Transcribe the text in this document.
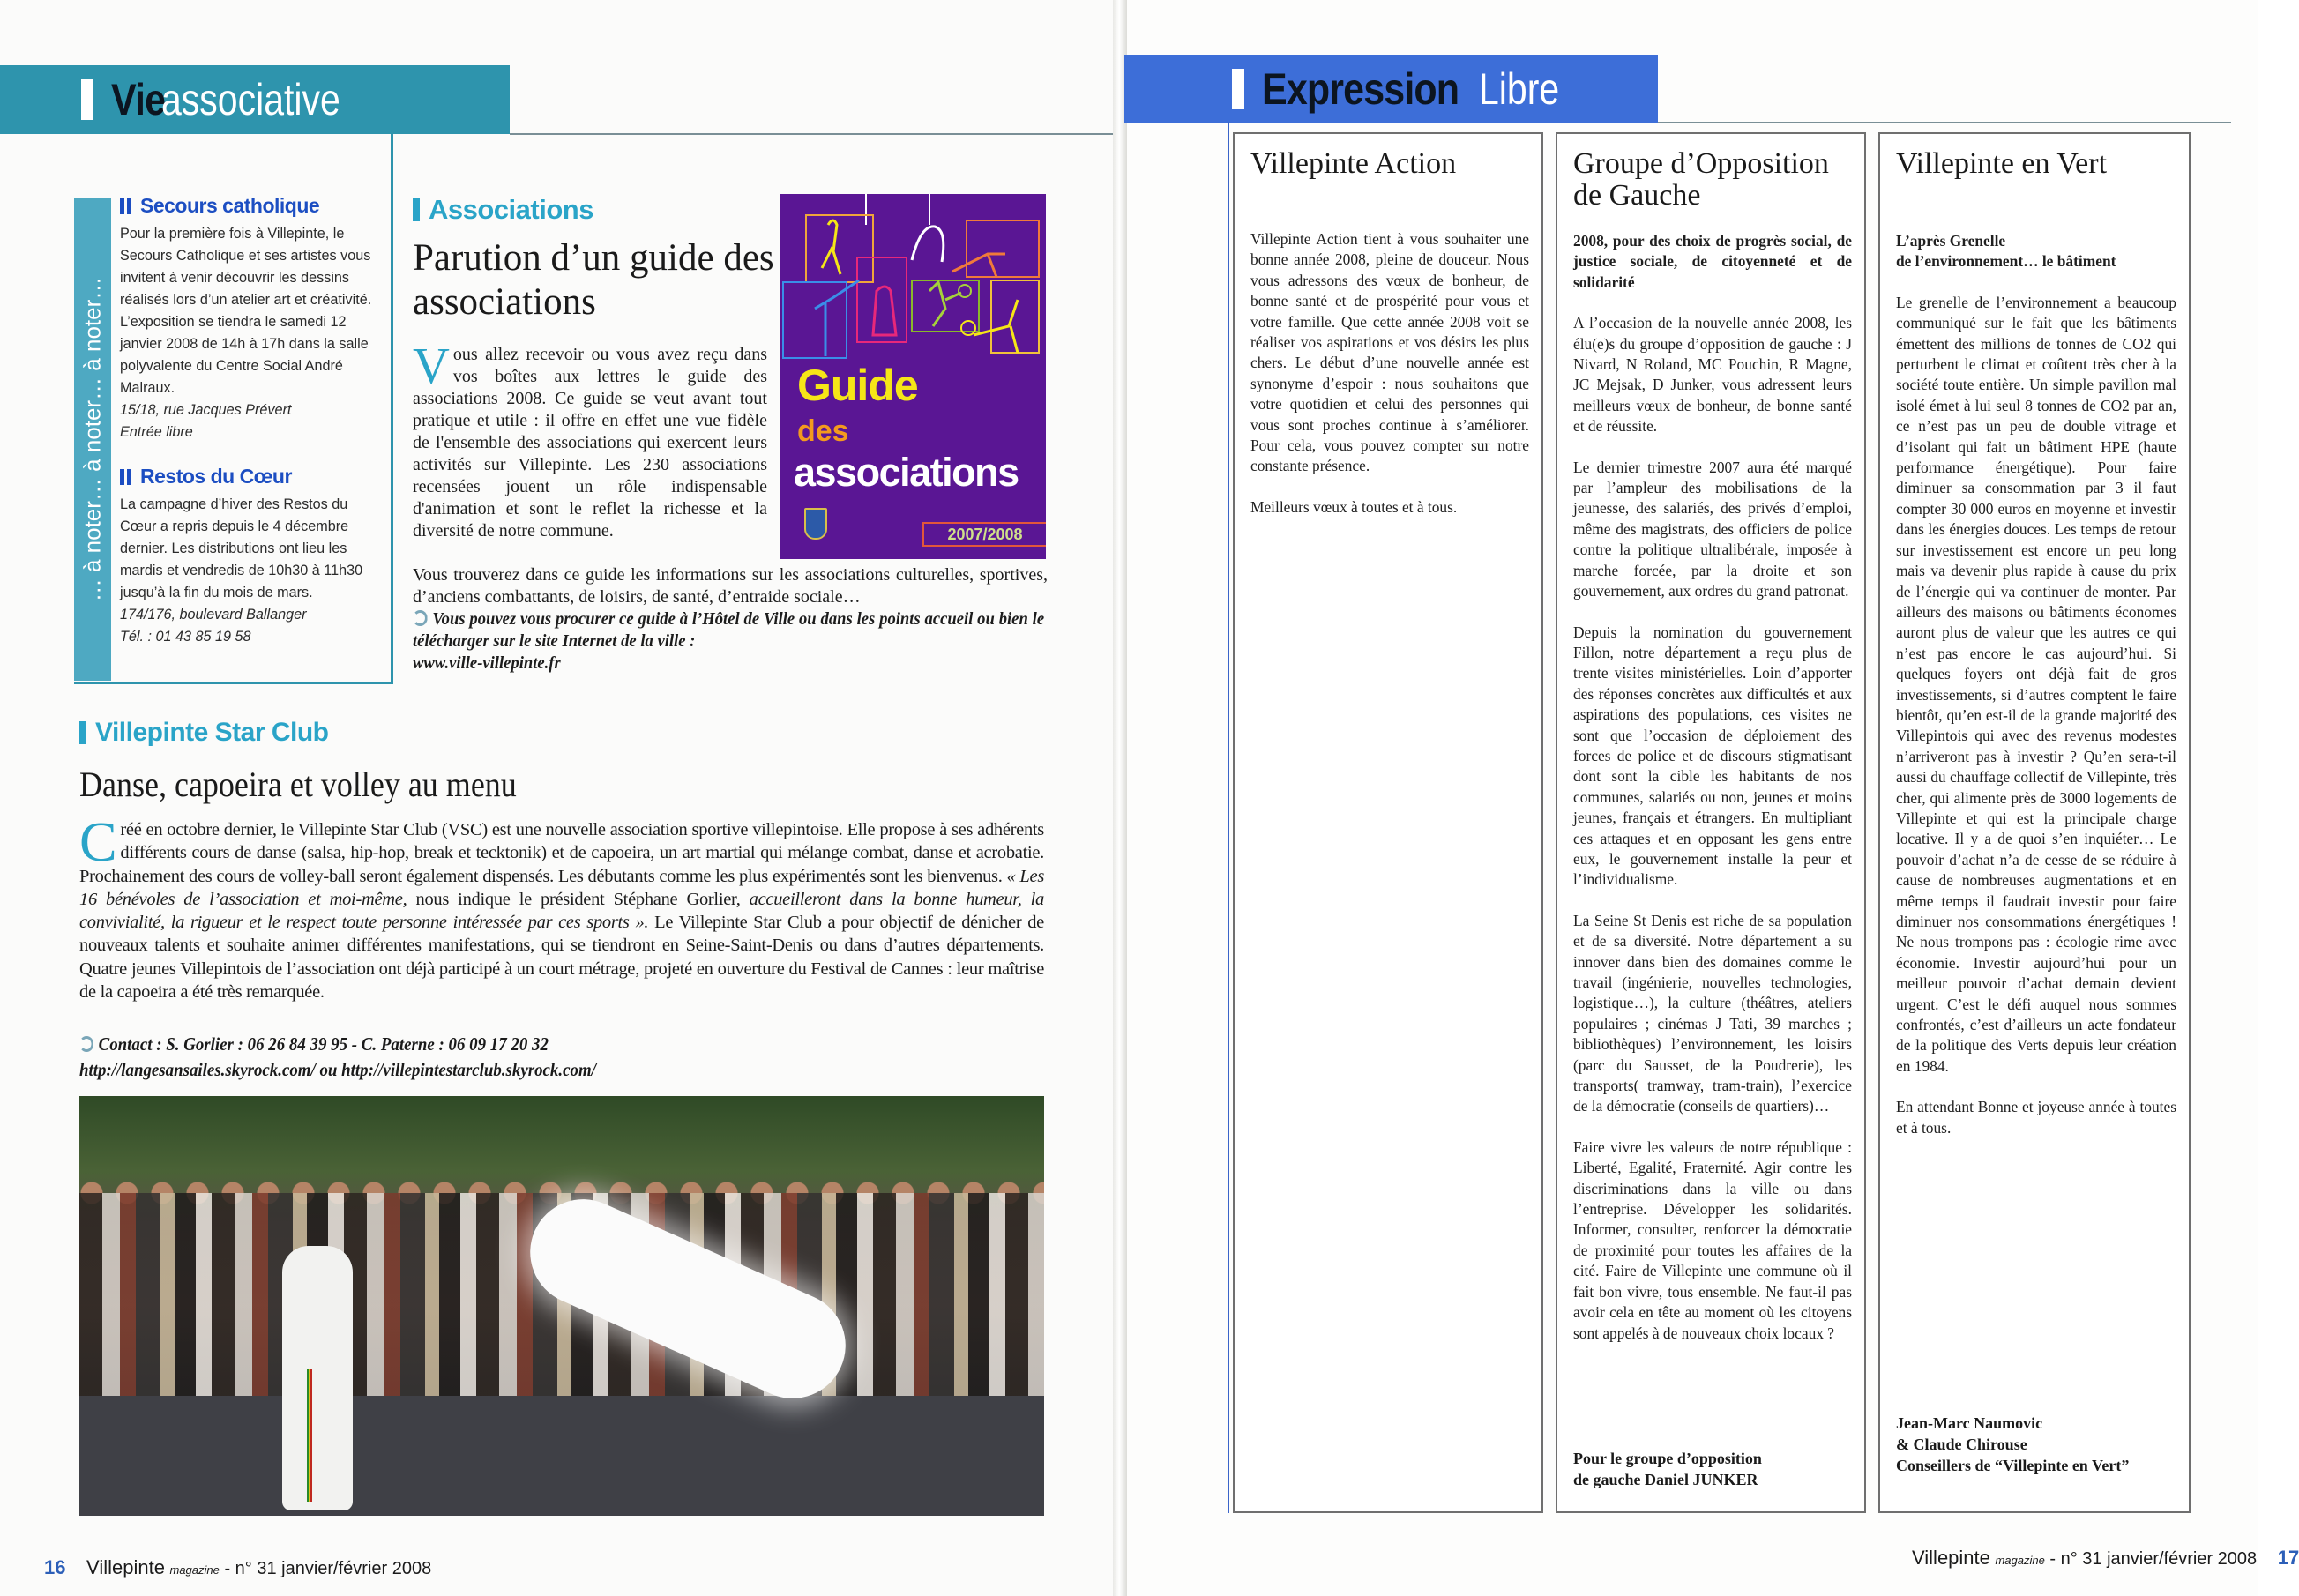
Vie
associative
… à noter… à noter… à noter…
Secours catholique

Pour la première fois à Villepinte, le Secours Catholique et ses artistes vous invitent à venir découvrir les dessins réalisés lors d’un atelier art et créativité. L’exposition se tiendra le samedi 12 janvier 2008 de 14h à 17h dans la salle polyvalente du Centre Social André Malraux.

15/18, rue Jacques Prévert

Entrée libre

Restos du Cœur

La campagne d’hiver des Restos du Cœur a repris depuis le 4 décembre dernier. Les distributions ont lieu les mardis et vendredis de 10h30 à 11h30 jusqu’à la fin du mois de mars.

174/176, boulevard Ballanger

Tél. : 01 43 85 19 58

Associations
Parution d’un guide des associations
Vous allez recevoir ou vous avez reçu dans vos boîtes aux lettres le guide des associations 2008. Ce guide se veut avant tout pratique et utile : il offre en effet une vue fidèle de l'ensemble des associations qui exercent leurs activités sur Villepinte. Les 230 associations recensées jouent un rôle indispensable d'animation et sont le reflet la richesse et la diversité de notre commune.
Vous trouverez dans ce guide les informations sur les associations culturelles, sportives, d’anciens combattants, de loisirs, de santé, d’entraide sociale…
Vous pouvez vous procurer ce guide à l’Hôtel de Ville ou dans les points accueil ou bien le télécharger sur le site Internet de la ville :
www.ville-villepinte.fr
Guide
des
associations
2007/2008
Villepinte Star Club
Danse, capoeira et volley au menu
Créé en octobre dernier, le Villepinte Star Club (VSC) est une nouvelle association sportive villepintoise. Elle propose à ses adhérents différents cours de danse (salsa, hip-hop, break et tecktonik) et de capoeira, un art martial qui mélange combat, danse et acrobatie. Prochainement des cours de volley-ball seront également dispensés. Les débutants comme les plus expérimentés sont les bienvenus. « Les 16 bénévoles de l’association et moi-même, nous indique le président Stéphane Gorlier, accueilleront dans la bonne humeur, la convivialité, la rigueur et le respect toute personne intéressée par ces sports ». Le Villepinte Star Club a pour objectif de dénicher de nouveaux talents et souhaite animer différentes manifestations, qui se tiendront en Seine-Saint-Denis ou dans d’autres départements. Quatre jeunes Villepintois de l’association ont déjà participé à un court métrage, projeté en ouverture du Festival de Cannes : leur maîtrise de la capoeira a été très remarquée.
Contact : S. Gorlier : 06 26 84 39 95 - C. Paterne : 06 09 17 20 32
http://langesansailes.skyrock.com/ ou http://villepintestarclub.skyrock.com/
16 Villepinte magazine - n° 31 janvier/février 2008
Expression Libre
Villepinte Action

Villepinte Action tient à vous souhaiter une bonne année 2008, pleine de douceur. Nous vous adressons des vœux de bonheur, de bonne santé et de prospérité pour vous et votre famille. Que cette année 2008 voit se réaliser vos aspirations et vos désirs les plus chers. Le début d’une nouvelle année est synonyme d’espoir : nous souhaitons que votre quotidien et celui des personnes qui vous sont proches continue à s’améliorer. Pour cela, vous pouvez compter sur notre constante présence.

Meilleurs vœux à toutes et à tous.

Groupe d’Opposition de Gauche

2008, pour des choix de progrès social, de justice sociale, de citoyenneté et de solidarité

A l’occasion de la nouvelle année 2008, les élu(e)s du groupe d’opposition de gauche : J Nivard, N Roland, MC Pouchin, R Magne, JC Mejsak, D Junker, vous adressent leurs meilleurs vœux de bonheur, de bonne santé et de réussite.

Le dernier trimestre 2007 aura été marqué par l’ampleur des mobilisations de la jeunesse, des salariés, des privés d’emploi, même des magistrats, des officiers de police contre la politique ultralibérale, imposée à marche forcée, par la droite et son gouvernement, aux ordres du grand patronat.

Depuis la nomination du gouvernement Fillon, notre département a reçu plus de trente visites ministérielles. Loin d’apporter des réponses concrètes aux difficultés et aux aspirations des populations, ces visites ne sont que l’occasion de déploiement des forces de police et de discours stigmatisant dont sont la cible les habitants de nos communes, salariés ou non, jeunes et moins jeunes, français et étrangers. En multipliant ces attaques et en opposant les gens entre eux, le gouvernement installe la peur et l’individualisme.

La Seine St Denis est riche de sa population et de sa diversité. Notre département a su innover dans bien des domaines comme le travail (ingénierie, nouvelles technologies, logistique…), la culture (théâtres, ateliers populaires ; cinémas J Tati, 39 marches ; bibliothèques) l’environnement, les loisirs (parc du Sausset, de la Poudrerie), les transports( tramway, tram-train), l’exercice de la démocratie (conseils de quartiers)…

Faire vivre les valeurs de notre république : Liberté, Egalité, Fraternité. Agir contre les discriminations dans la ville ou dans l’entreprise. Développer les solidarités. Informer, consulter, renforcer la démocratie de proximité pour toutes les affaires de la cité. Faire de Villepinte une commune où il fait bon vivre, tous ensemble. Ne faut-il pas avoir cela en tête au moment où les citoyens sont appelés à de nouveaux choix locaux ?

Pour le groupe d’opposition
de gauche Daniel JUNKER
Villepinte en Vert

L’après Grenelle
de l’environnement… le bâtiment

Le grenelle de l’environnement a beaucoup communiqué sur le fait que les bâtiments émettent des millions de tonnes de CO2 qui perturbent le climat et coûtent très cher à la société toute entière. Un simple pavillon mal isolé émet à lui seul 8 tonnes de CO2 par an, ce n’est pas un peu de double vitrage et d’isolant qui fait un bâtiment HPE (haute performance énergétique). Pour faire diminuer sa consommation par 3 il faut compter 30 000 euros en moyenne et investir dans les énergies douces. Les temps de retour sur investissement est encore un peu long mais va devenir plus rapide à cause du prix de l’énergie qui va continuer de monter. Par ailleurs des maisons ou bâtiments économes auront plus de valeur que les autres ce qui n’est pas encore le cas aujourd’hui. Si quelques foyers ont déjà fait de gros investissements, si d’autres comptent le faire bientôt, qu’en est-il de la grande majorité des Villepintois qui avec des revenus modestes n’arriveront pas à investir ? Qu’en sera-t-il aussi du chauffage collectif de Villepinte, très cher, qui alimente près de 3000 logements de Villepinte et qui est la principale charge locative. Il y a de quoi s’en inquiéter… Le pouvoir d’achat n’a de cesse de se réduire à cause de nombreuses augmentations et en même temps il faudrait investir pour faire diminuer nos consommations énergétiques ! Ne nous trompons pas : écologie rime avec économie. Investir aujourd’hui pour un meilleur pouvoir d’achat demain devient urgent. C’est le défi auquel nous sommes confrontés, c’est d’ailleurs un acte fondateur de la politique des Verts depuis leur création en 1984.

En attendant Bonne et joyeuse année à toutes et à tous.

Jean-Marc Naumovic
& Claude Chirouse
Conseillers de “Villepinte en Vert”
Villepinte magazine - n° 31 janvier/février 2008 17
